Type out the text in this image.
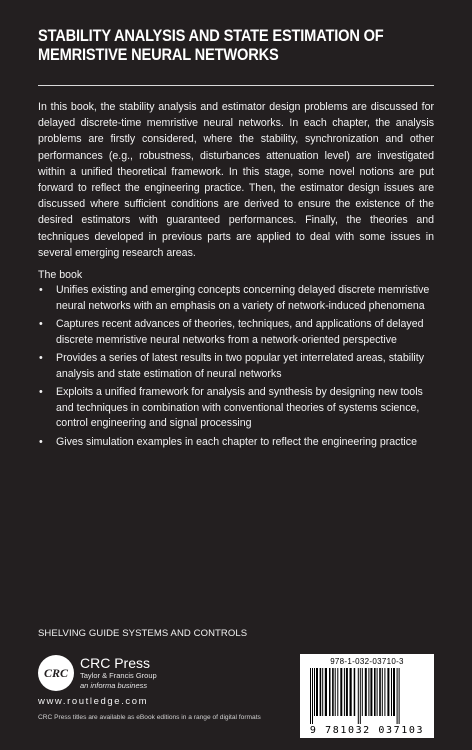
STABILITY ANALYSIS AND STATE ESTIMATION OF
MEMRISTIVE NEURAL NETWORKS
In this book, the stability analysis and estimator design problems are discussed for delayed discrete-time memristive neural networks. In each chapter, the analysis problems are firstly considered, where the stability, synchronization and other performances (e.g., robustness, disturbances attenuation level) are investigated within a unified theoretical framework. In this stage, some novel notions are put forward to reflect the engineering practice. Then, the estimator design issues are discussed where sufficient conditions are derived to ensure the existence of the desired estimators with guaranteed performances. Finally, the theories and techniques developed in previous parts are applied to deal with some issues in several emerging research areas.
The book
• Unifies existing and emerging concepts concerning delayed discrete memristive neural networks with an emphasis on a variety of network-induced phenomena
• Captures recent advances of theories, techniques, and applications of delayed discrete memristive neural networks from a network-oriented perspective
• Provides a series of latest results in two popular yet interrelated areas, stability analysis and state estimation of neural networks
• Exploits a unified framework for analysis and synthesis by designing new tools and techniques in combination with conventional theories of systems science, control engineering and signal processing
• Gives simulation examples in each chapter to reflect the engineering practice
SHELVING GUIDE SYSTEMS AND CONTROLS
CRC
CRC Press
Taylor & Francis Group
an informa business
www.routledge.com
CRC Press titles are available as eBook editions in a range of digital formats
978-1-032-03710-3
9 781032 037103
